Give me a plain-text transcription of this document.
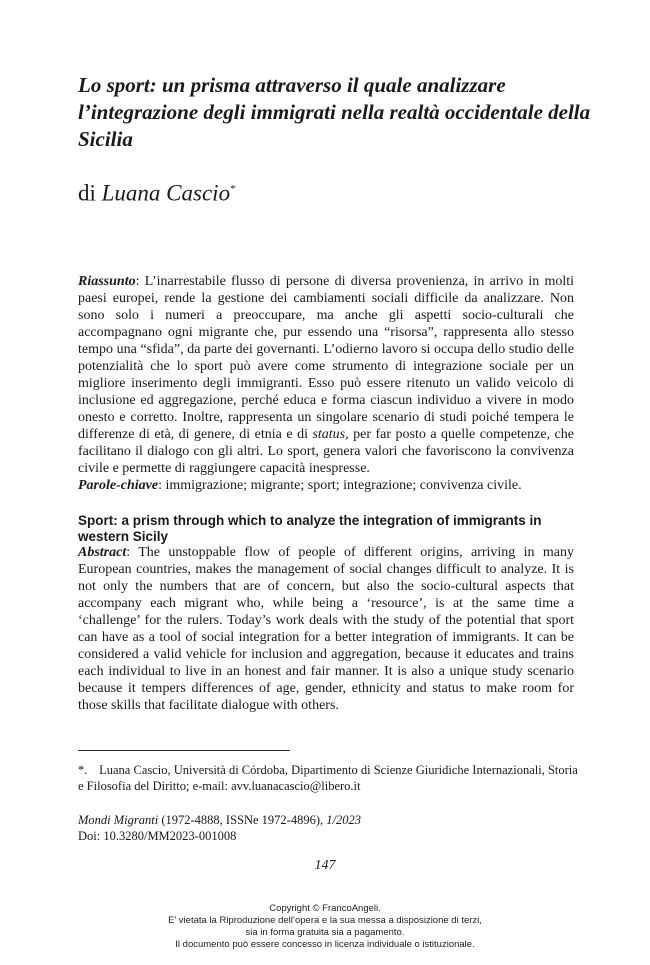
Lo sport: un prisma attraverso il quale analizzare l’integrazione degli immigrati nella realtà occidentale della Sicilia
di Luana Cascio*
Riassunto: L’inarrestabile flusso di persone di diversa provenienza, in arrivo in molti paesi europei, rende la gestione dei cambiamenti sociali difficile da analizzare. Non sono solo i numeri a preoccupare, ma anche gli aspetti socio-culturali che accompagnano ogni migrante che, pur essendo una “risorsa”, rappresenta allo stesso tempo una “sfida”, da parte dei governanti. L’odierno lavoro si occupa dello studio delle potenzialità che lo sport può avere come strumento di integrazione sociale per un migliore inserimento degli immigranti. Esso può essere ritenuto un valido veicolo di inclusione ed aggregazione, perché educa e forma ciascun individuo a vivere in modo onesto e corretto. Inoltre, rappresenta un singolare scenario di studi poiché tempera le differenze di età, di genere, di etnia e di status, per far posto a quelle competenze, che facilitano il dialogo con gli altri. Lo sport, genera valori che favoriscono la convivenza civile e permette di raggiungere capacità inespresse.
Parole-chiave: immigrazione; migrante; sport; integrazione; convivenza civile.
Sport: a prism through which to analyze the integration of immigrants in western Sicily
Abstract: The unstoppable flow of people of different origins, arriving in many European countries, makes the management of social changes difficult to analyze. It is not only the numbers that are of concern, but also the socio-cultural aspects that accompany each migrant who, while being a ‘resource’, is at the same time a ‘challenge’ for the rulers. Today’s work deals with the study of the potential that sport can have as a tool of social integration for a better integration of immigrants. It can be considered a valid vehicle for inclusion and aggregation, because it educates and trains each individual to live in an honest and fair manner. It is also a unique study scenario because it tempers differences of age, gender, ethnicity and status to make room for those skills that facilitate dialogue with others.
*. Luana Cascio, Università di Córdoba, Dipartimento di Scienze Giuridiche Internazionali, Storia e Filosofia del Diritto; e-mail: avv.luanacascio@libero.it
Mondi Migranti (1972-4888, ISSNe 1972-4896), 1/2023
Doi: 10.3280/MM2023-001008
147
Copyright © FrancoAngeli.
E’ vietata la Riproduzione dell’opera e la sua messa a disposizione di terzi,
sia in forma gratuita sia a pagamento.
Il documento può essere concesso in licenza individuale o istituzionale.
